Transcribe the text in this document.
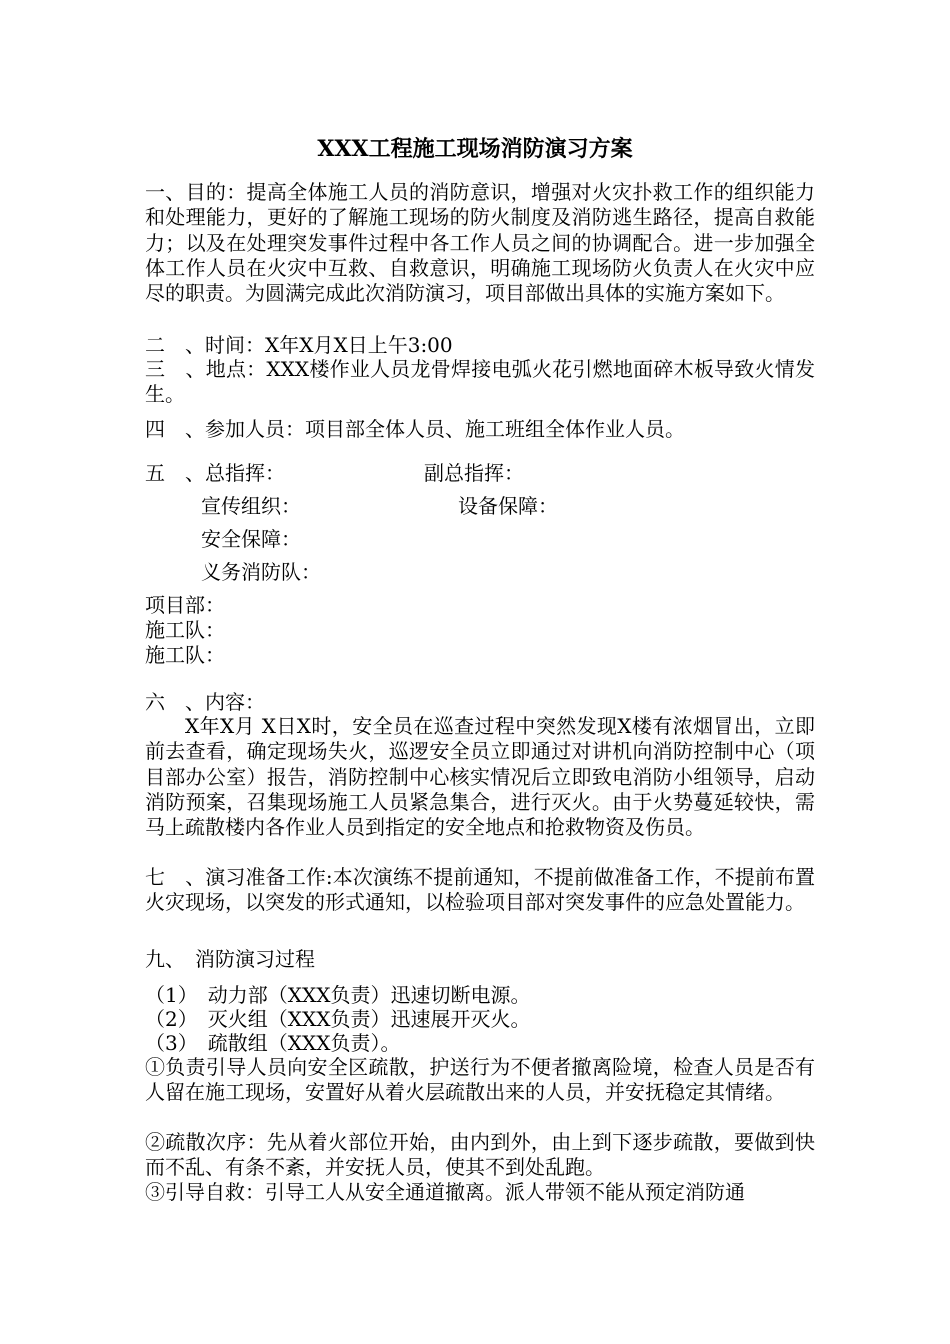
XXX工程施工现场消防演习方案
一、目的：提高全体施工人员的消防意识，增强对火灾扑救工作的组织能力和处理能力，更好的了解施工现场的防火制度及消防逃生路径，提高自救能力；以及在处理突发事件过程中各工作人员之间的协调配合。进一步加强全体工作人员在火灾中互救、自救意识，明确施工现场防火负责人在火灾中应尽的职责。为圆满完成此次消防演习，项目部做出具体的实施方案如下。
二　、时间：X年X月X日上午3:00
三　、地点：XXX楼作业人员龙骨焊接电弧火花引燃地面碎木板导致火情发生。
四　、参加人员：项目部全体人员、施工班组全体作业人员。
五　、总指挥：	副总指挥：
宣传组织：	设备保障：
安全保障：
义务消防队：
项目部：
施工队：
施工队：
六　、内容：
X年X月 X日X时，安全员在巡查过程中突然发现X楼有浓烟冒出，立即前去查看，确定现场失火，巡逻安全员立即通过对讲机向消防控制中心（项目部办公室）报告，消防控制中心核实情况后立即致电消防小组领导，启动消防预案，召集现场施工人员紧急集合，进行灭火。由于火势蔓延较快，需马上疏散楼内各作业人员到指定的安全地点和抢救物资及伤员。
七　、演习准备工作:本次演练不提前通知，不提前做准备工作，不提前布置火灾现场，以突发的形式通知，以检验项目部对突发事件的应急处置能力。
九、　消防演习过程
（1）　动力部（XXX负责）迅速切断电源。
（2）　灭火组（XXX负责）迅速展开灭火。
（3）　疏散组（XXX负责）。
①负责引导人员向安全区疏散，护送行为不便者撤离险境，检查人员是否有人留在施工现场，安置好从着火层疏散出来的人员，并安抚稳定其情绪。
②疏散次序：先从着火部位开始，由内到外，由上到下逐步疏散，要做到快而不乱、有条不紊，并安抚人员，使其不到处乱跑。
③引导自救：引导工人从安全通道撤离。派人带领不能从预定消防通
